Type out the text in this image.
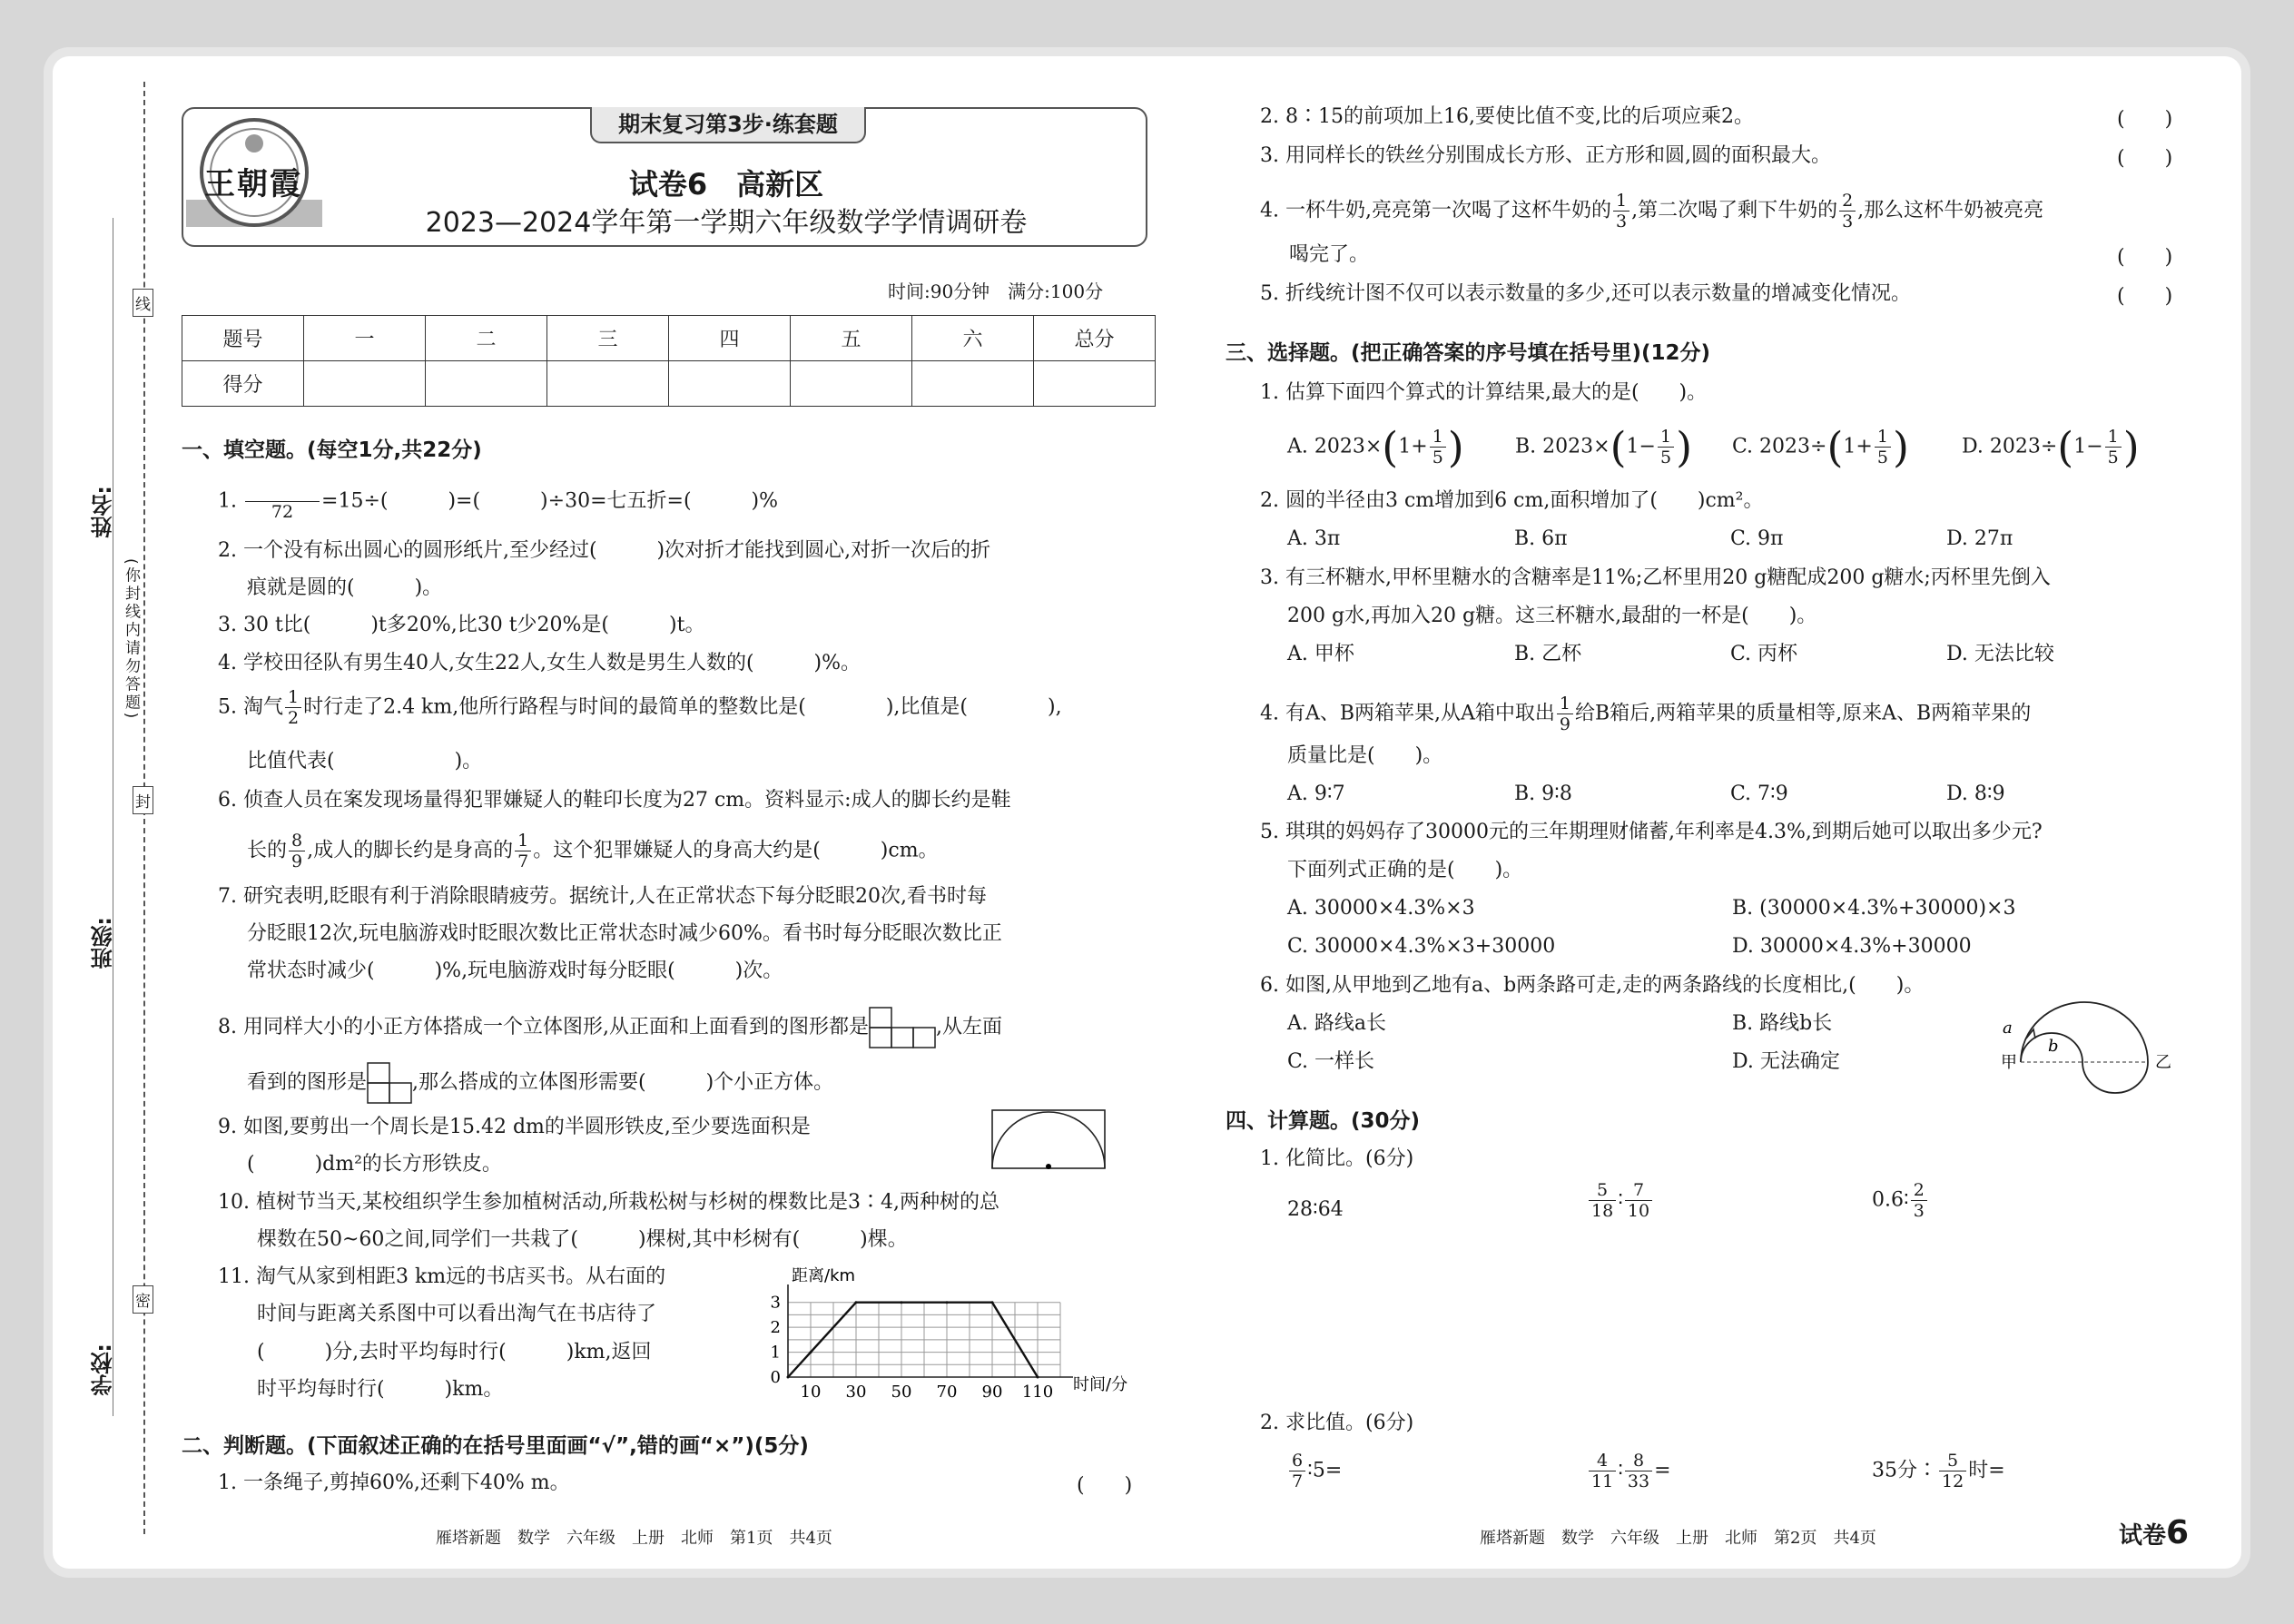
线
封
密
姓名:
班级:
学校:
(你封线内请勿答题)
王朝霞
期末复习第3步·练套题
试卷6　高新区
2023—2024学年第一学期六年级数学学情调研卷
时间:90分钟　满分:100分
题号	一	二	三	四	五	六	总分
得分							
一、填空题。(每空1分,共22分)
1.
　　　　	72	=15÷(　　　)=(　　　)÷30=七五折=(　　　)%
2. 一个没有标出圆心的圆形纸片,至少经过(　　　)次对折才能找到圆心,对折一次后的折
痕就是圆的(　　　)。
3. 30 t比(　　　)t多20%,比30 t少20%是(　　　)t。
4. 学校田径队有男生40人,女生22人,女生人数是男生人数的(　　　)%。
5. 淘气 $\frac{1}{2}$ 时行走了2.4 km,他所行路程与时间的最简单的整数比是(　　　　),比值是(　　　　),
比值代表(　　　　　　)。
6. 侦查人员在案发现场量得犯罪嫌疑人的鞋印长度为27 cm。资料显示:成人的脚长约是鞋
长的 $\frac{8}{9}$ ,成人的脚长约是身高的 $\frac{1}{7}$ 。这个犯罪嫌疑人的身高大约是(　　　)cm。
7. 研究表明,眨眼有利于消除眼睛疲劳。据统计,人在正常状态下每分眨眼20次,看书时每
分眨眼12次,玩电脑游戏时眨眼次数比正常状态时减少60%。看书时每分眨眼次数比正
常状态时减少(　　　)%,玩电脑游戏时每分眨眼(　　　)次。
8. 用同样大小的小正方体搭成一个立体图形,从正面和上面看到的图形都是	,从左面
看到的图形是 ,那么搭成的立体图形需要(　　　)个小正方体。
9. 如图,要剪出一个周长是15.42 dm的半圆形铁皮,至少要选面积是
(　　　)dm²的长方形铁皮。
10. 植树节当天,某校组织学生参加植树活动,所栽松树与杉树的棵数比是3∶4,两种树的总
棵数在50~60之间,同学们一共栽了(　　　)棵树,其中杉树有(　　　)棵。
11. 淘气从家到相距3 km远的书店买书。从右面的
时间与距离关系图中可以看出淘气在书店待了
(　　　)分,去时平均每时行(　　　)km,返回
时平均每时行(　　　)km。	10 30 50 70 90 110
0
1
2
3
距离/km
时间/分
二、判断题。(下面叙述正确的在括号里面画“√”,错的画“×”)(5分)
1. 一条绳子,剪掉60%,还剩下40% m。	(　　)
2. 8∶15的前项加上16,要使比值不变,比的后项应乘2。	(　　)
3. 用同样长的铁丝分别围成长方形、正方形和圆,圆的面积最大。	(　　)
4. 一杯牛奶,亮亮第一次喝了这杯牛奶的 $\frac{1}{3}$ ,第二次喝了剩下牛奶的 $\frac{2}{3}$ ,那么这杯牛奶被亮亮
喝完了。	(　　)
5. 折线统计图不仅可以表示数量的多少,还可以表示数量的增减变化情况。	(　　)
三、选择题。(把正确答案的序号填在括号里)(12分)
1. 估算下面四个算式的计算结果,最大的是(　　)。
A. $2023\times(1+ \frac{1}{5}$ )	B. $2023\times(1- \frac{1}{5}$ ) C. $2023\div(1+ \frac{1}{5}$ )	D. $2023\div(1- \frac{1}{5}$ )
2. 圆的半径由3 cm增加到6 cm,面积增加了(　　)cm²。
A. 3π	B. 6π	C. 9π	D. 27π
3. 有三杯糖水,甲杯里糖水的含糖率是11%;乙杯里用20 g糖配成200 g糖水;丙杯里先倒入
200 g水,再加入20 g糖。这三杯糖水,最甜的一杯是(　　)。
A. 甲杯	B. 乙杯	C. 丙杯	D. 无法比较
4. 有A、B两箱苹果,从A箱中取出 $\frac{1}{9}$ 给B箱后,两箱苹果的质量相等,原来A、B两箱苹果的
质量比是(　　)。
A. 9∶7	B. 9∶8	C. 7∶9	D. 8∶9
5. 琪琪的妈妈存了30000元的三年期理财储蓄,年利率是4.3%,到期后她可以取出多少元?
下面列式正确的是(　　)。
A. 30000×4.3%×3	B. (30000×4.3%+30000)×3
C. 30000×4.3%×3+30000	D. 30000×4.3%+30000
6. 如图,从甲地到乙地有a、b两条路可走,走的两条路线的长度相比,(　　)。
A. 路线a长	B. 路线b长
C. 一样长	D. 无法确定	甲	乙
a
b
四、计算题。(30分)
1. 化简比。(6分)
28∶64	$\frac{5}{18}$ ∶ $\frac{7}{10}$	0.6∶ $\frac{2}{3}$
2. 求比值。(6分)
$\frac{6}{7}$ ∶5=	$\frac{4}{11}$ ∶ $\frac{8}{33}$ =	35分∶ $\frac{5}{12}$ 时=
雁塔新题　数学　六年级　上册　北师　第1页　共4页	雁塔新题　数学　六年级　上册　北师　第2页　共4页	试卷6
